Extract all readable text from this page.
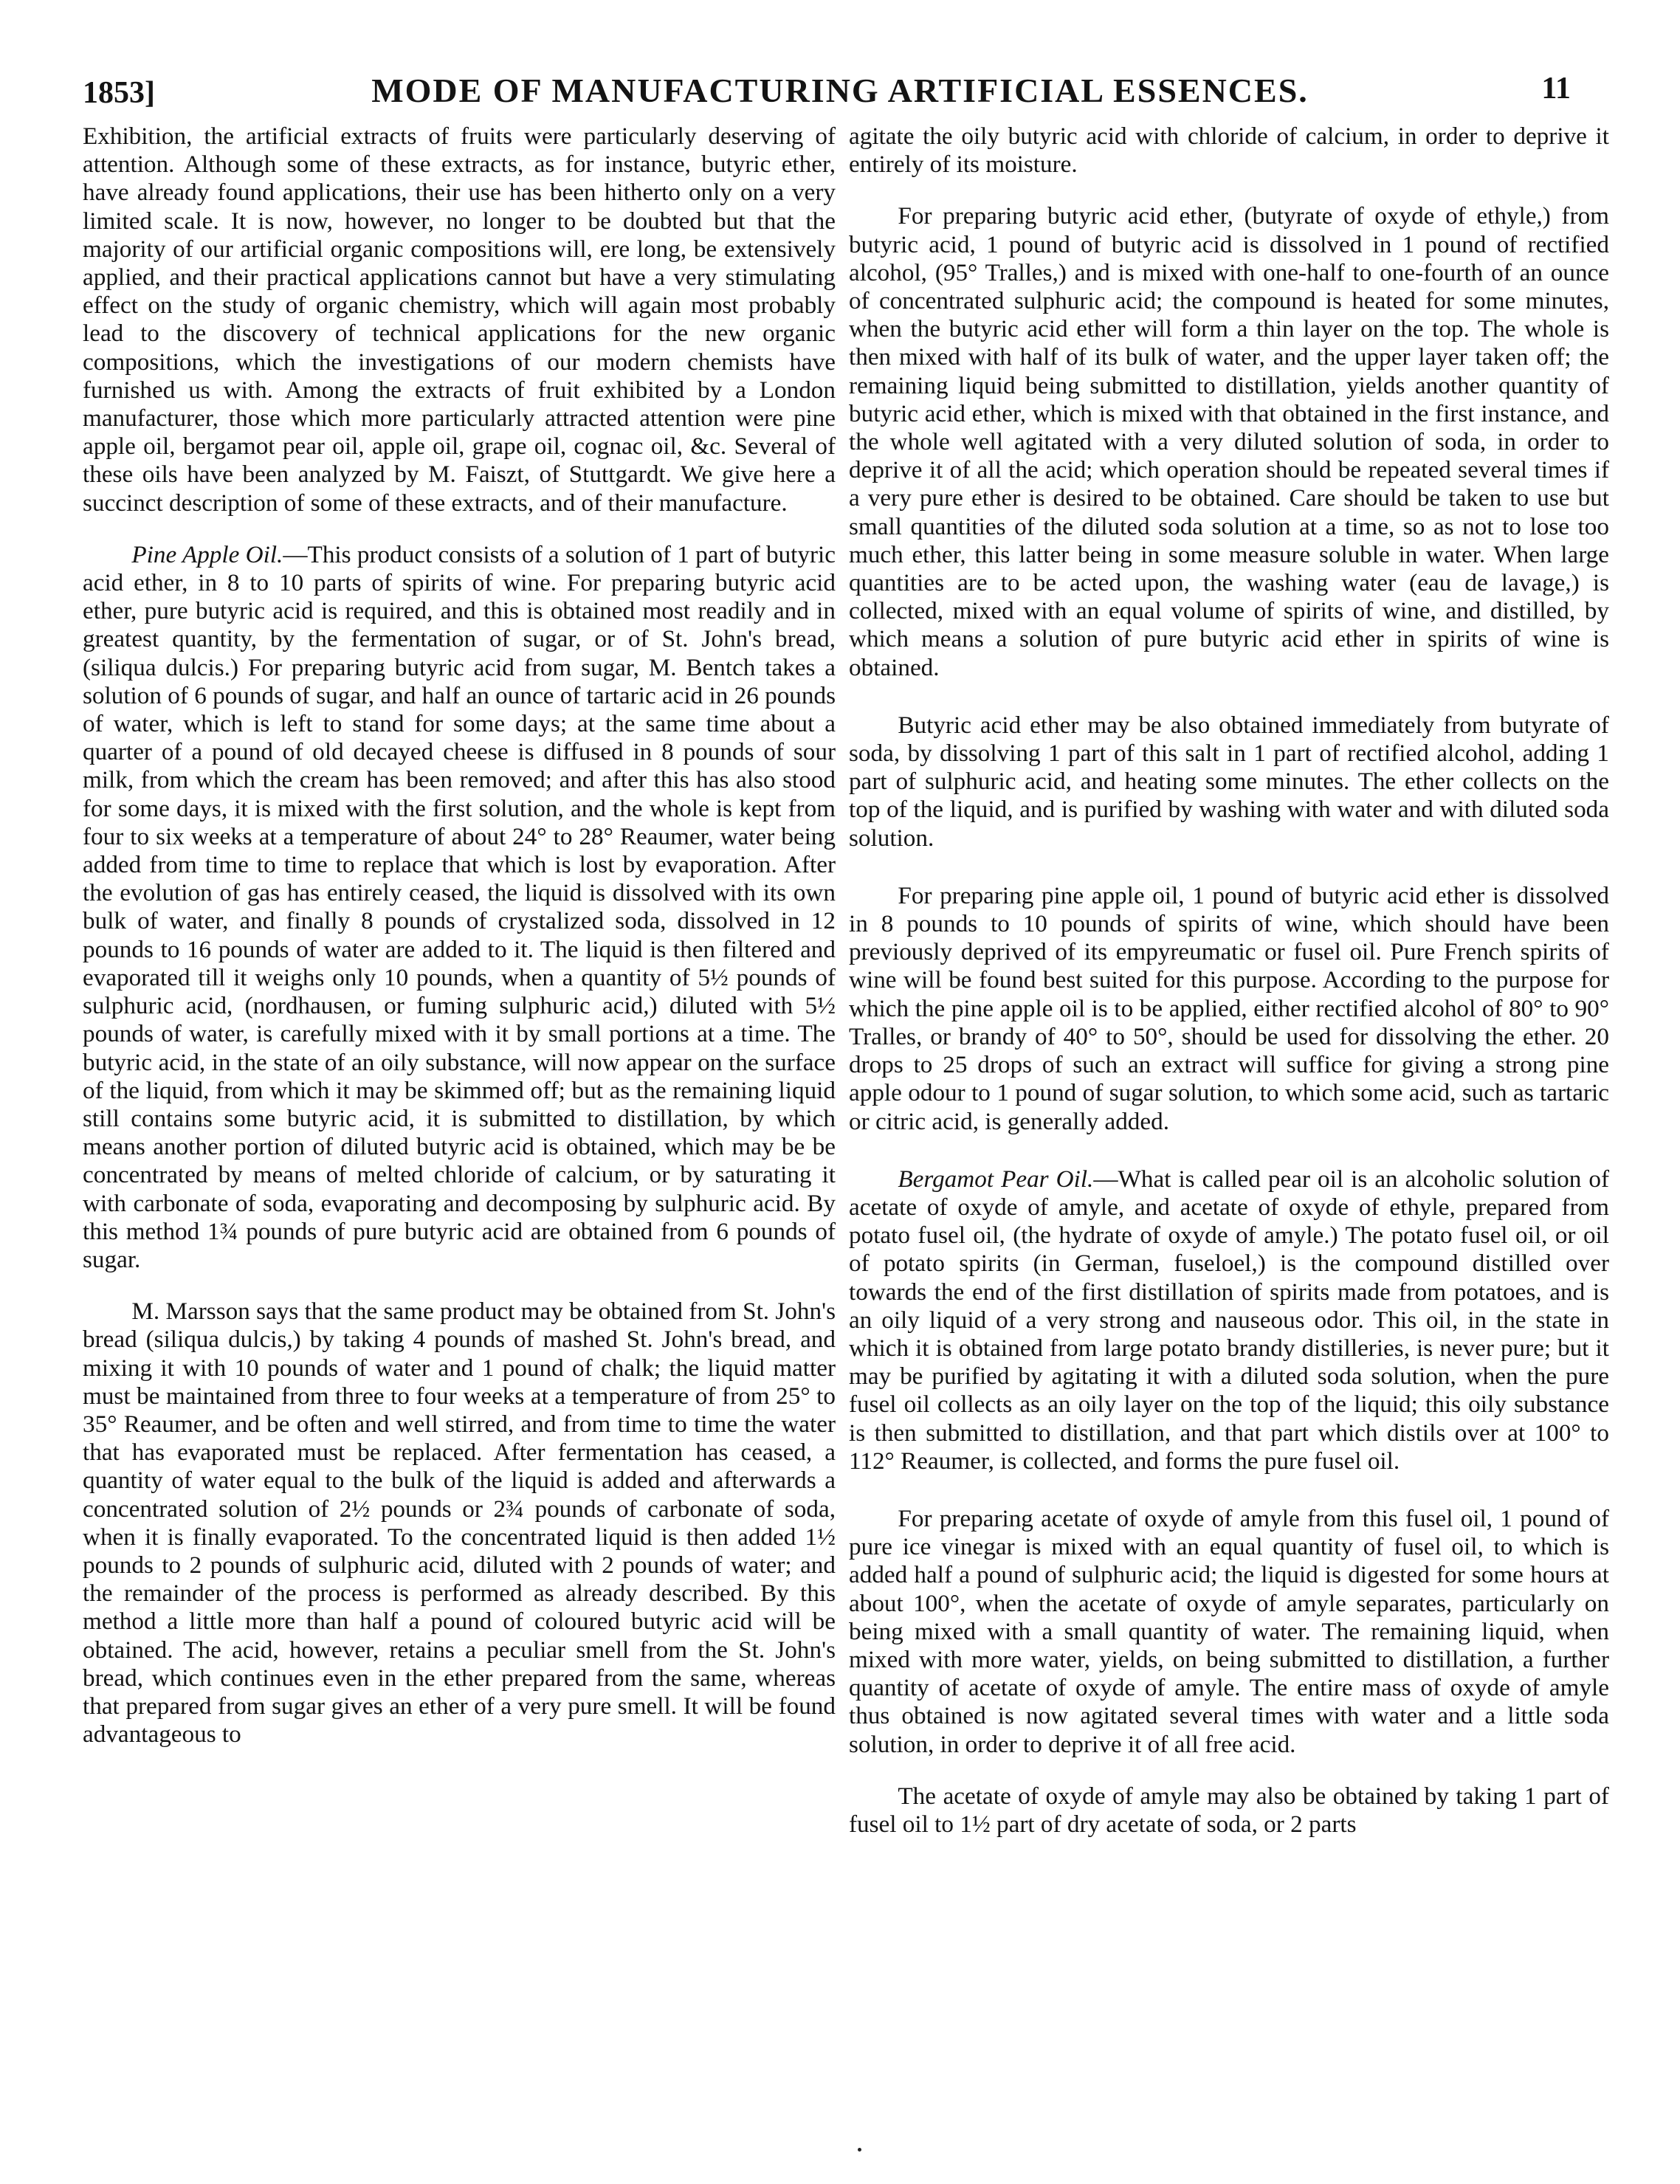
1853]	MODE OF MANUFACTURING ARTIFICIAL ESSENCES.	11

Exhibition, the artificial extracts of fruits were particularly deserving of attention. Although some of these extracts, as for instance, butyric ether, have already found applications, their use has been hitherto only on a very limited scale. It is now, however, no longer to be doubted but that the majority of our artificial organic compositions will, ere long, be extensively applied, and their practical applications cannot but have a very stimulating effect on the study of organic chemistry, which will again most probably lead to the discovery of technical applications for the new organic compositions, which the investigations of our modern chemists have furnished us with. Among the extracts of fruit exhibited by a London manufacturer, those which more particularly attracted attention were pine apple oil, bergamot pear oil, apple oil, grape oil, cognac oil, &c. Several of these oils have been analyzed by M. Faiszt, of Stuttgardt. We give here a succinct description of some of these extracts, and of their manufacture.

Pine Apple Oil.—This product consists of a solution of 1 part of butyric acid ether, in 8 to 10 parts of spirits of wine. For preparing butyric acid ether, pure butyric acid is required, and this is obtained most readily and in greatest quantity, by the fermentation of sugar, or of St. John's bread, (siliqua dulcis.) For preparing butyric acid from sugar, M. Bentch takes a solution of 6 pounds of sugar, and half an ounce of tartaric acid in 26 pounds of water, which is left to stand for some days; at the same time about a quarter of a pound of old decayed cheese is diffused in 8 pounds of sour milk, from which the cream has been removed; and after this has also stood for some days, it is mixed with the first solution, and the whole is kept from four to six weeks at a temperature of about 24° to 28° Reaumer, water being added from time to time to replace that which is lost by evaporation. After the evolution of gas has entirely ceased, the liquid is dissolved with its own bulk of water, and finally 8 pounds of crystalized soda, dissolved in 12 pounds to 16 pounds of water are added to it. The liquid is then filtered and evaporated till it weighs only 10 pounds, when a quantity of 5½ pounds of sulphuric acid, (nordhausen, or fuming sulphuric acid,) diluted with 5½ pounds of water, is carefully mixed with it by small portions at a time. The butyric acid, in the state of an oily substance, will now appear on the surface of the liquid, from which it may be skimmed off; but as the remaining liquid still contains some butyric acid, it is submitted to distillation, by which means another portion of diluted butyric acid is obtained, which may be be concentrated by means of melted chloride of calcium, or by saturating it with carbonate of soda, evaporating and decomposing by sulphuric acid. By this method 1¾ pounds of pure butyric acid are obtained from 6 pounds of sugar.

M. Marsson says that the same product may be obtained from St. John's bread (siliqua dulcis,) by taking 4 pounds of mashed St. John's bread, and mixing it with 10 pounds of water and 1 pound of chalk; the liquid matter must be maintained from three to four weeks at a temperature of from 25° to 35° Reaumer, and be often and well stirred, and from time to time the water that has evaporated must be replaced. After fermentation has ceased, a quantity of water equal to the bulk of the liquid is added and afterwards a concentrated solution of 2½ pounds or 2¾ pounds of carbonate of soda, when it is finally evaporated. To the concentrated liquid is then added 1½ pounds to 2 pounds of sulphuric acid, diluted with 2 pounds of water; and the remainder of the process is performed as already described. By this method a little more than half a pound of coloured butyric acid will be obtained. The acid, however, retains a peculiar smell from the St. John's bread, which continues even in the ether prepared from the same, whereas that prepared from sugar gives an ether of a very pure smell. It will be found advantageous to

agitate the oily butyric acid with chloride of calcium, in order to deprive it entirely of its moisture.

For preparing butyric acid ether, (butyrate of oxyde of ethyle,) from butyric acid, 1 pound of butyric acid is dissolved in 1 pound of rectified alcohol, (95° Tralles,) and is mixed with one-half to one-fourth of an ounce of concentrated sulphuric acid; the compound is heated for some minutes, when the butyric acid ether will form a thin layer on the top. The whole is then mixed with half of its bulk of water, and the upper layer taken off; the remaining liquid being submitted to distillation, yields another quantity of butyric acid ether, which is mixed with that obtained in the first instance, and the whole well agitated with a very diluted solution of soda, in order to deprive it of all the acid; which operation should be repeated several times if a very pure ether is desired to be obtained. Care should be taken to use but small quantities of the diluted soda solution at a time, so as not to lose too much ether, this latter being in some measure soluble in water. When large quantities are to be acted upon, the washing water (eau de lavage,) is collected, mixed with an equal volume of spirits of wine, and distilled, by which means a solution of pure butyric acid ether in spirits of wine is obtained.

Butyric acid ether may be also obtained immediately from butyrate of soda, by dissolving 1 part of this salt in 1 part of rectified alcohol, adding 1 part of sulphuric acid, and heating some minutes. The ether collects on the top of the liquid, and is purified by washing with water and with diluted soda solution.

For preparing pine apple oil, 1 pound of butyric acid ether is dissolved in 8 pounds to 10 pounds of spirits of wine, which should have been previously deprived of its empyreumatic or fusel oil. Pure French spirits of wine will be found best suited for this purpose. According to the purpose for which the pine apple oil is to be applied, either rectified alcohol of 80° to 90° Tralles, or brandy of 40° to 50°, should be used for dissolving the ether. 20 drops to 25 drops of such an extract will suffice for giving a strong pine apple odour to 1 pound of sugar solution, to which some acid, such as tartaric or citric acid, is generally added.

Bergamot Pear Oil.—What is called pear oil is an alcoholic solution of acetate of oxyde of amyle, and acetate of oxyde of ethyle, prepared from potato fusel oil, (the hydrate of oxyde of amyle.) The potato fusel oil, or oil of potato spirits (in German, fuseloel,) is the compound distilled over towards the end of the first distillation of spirits made from potatoes, and is an oily liquid of a very strong and nauseous odor. This oil, in the state in which it is obtained from large potato brandy distilleries, is never pure; but it may be purified by agitating it with a diluted soda solution, when the pure fusel oil collects as an oily layer on the top of the liquid; this oily substance is then submitted to distillation, and that part which distils over at 100° to 112° Reaumer, is collected, and forms the pure fusel oil.

For preparing acetate of oxyde of amyle from this fusel oil, 1 pound of pure ice vinegar is mixed with an equal quantity of fusel oil, to which is added half a pound of sulphuric acid; the liquid is digested for some hours at about 100°, when the acetate of oxyde of amyle separates, particularly on being mixed with a small quantity of water. The remaining liquid, when mixed with more water, yields, on being submitted to distillation, a further quantity of acetate of oxyde of amyle. The entire mass of oxyde of amyle thus obtained is now agitated several times with water and a little soda solution, in order to deprive it of all free acid.

The acetate of oxyde of amyle may also be obtained by taking 1 part of fusel oil to 1½ part of dry acetate of soda, or 2 parts
